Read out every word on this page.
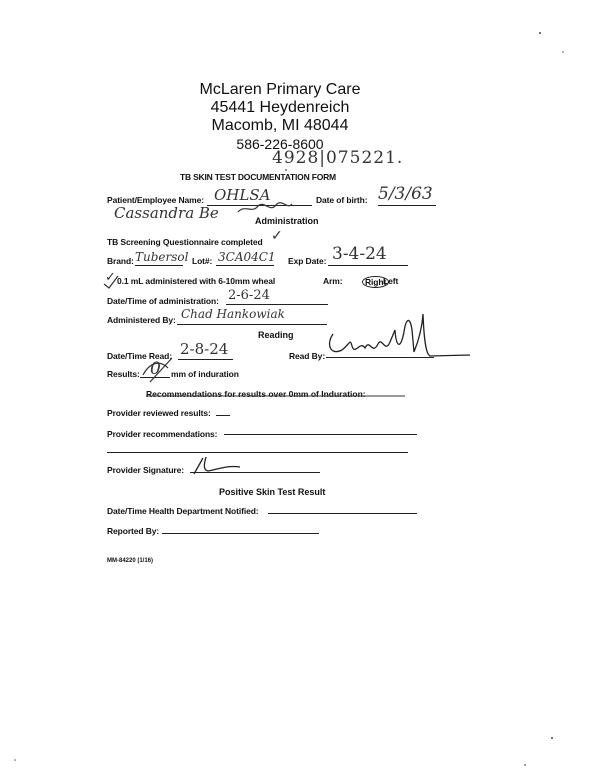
McLaren Primary Care
45441 Heydenreich
Macomb, MI 48044
586-226-8600
4928|075221.
TB SKIN TEST DOCUMENTATION FORM
Patient/Employee Name: OHLSA	Date of birth: 5/3/63
Cassandra Be	Administration
TB Screening Questionnaire completed ✓
Brand: Tubersol Lot#: 3CA04C1 Exp Date: 3-4-24
✓ 0.1 mL administered with 6-10mm wheal	Arm:	Right
Left
Date/Time of administration: 2-6-24
Administered By: Chad Hankowiak
Reading
Date/Time Read: 2-8-24	Read By:
Results: 0 mm of induration
Recommendations for results over 0mm of Induration:
Provider reviewed results:
Provider recommendations:
Provider Signature:
Positive Skin Test Result
Date/Time Health Department Notified:
Reported By:
MM-84220 (1/16)
